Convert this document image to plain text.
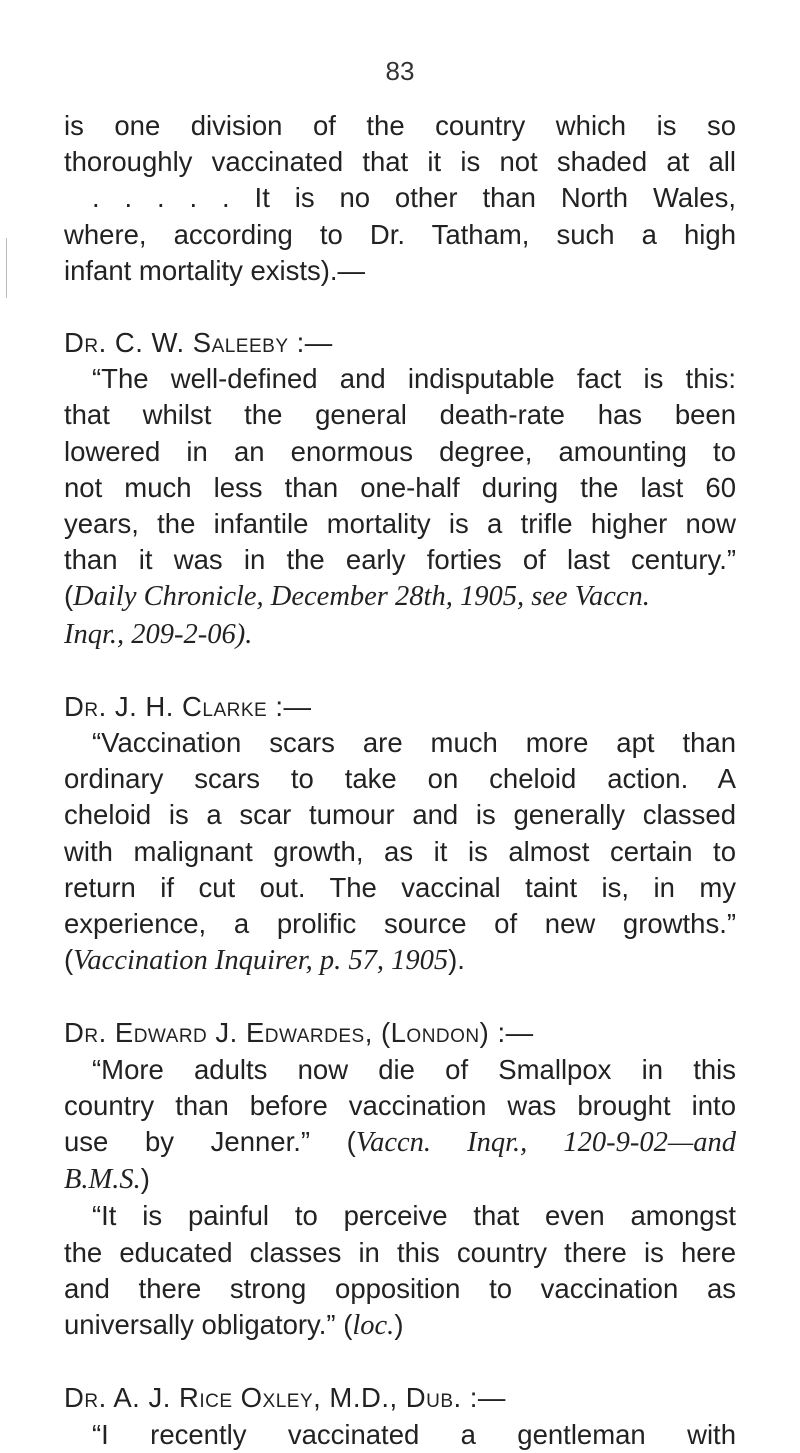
83
is one division of the country which is so
thoroughly vaccinated that it is not shaded at all
. . . . . It is no other than North Wales,
where, according to Dr. Tatham, such a high
infant mortality exists).—
Dr. C. W. Saleeby :—
“The well-defined and indisputable fact is this:
that whilst the general death-rate has been
lowered in an enormous degree, amounting to
not much less than one-half during the last 60
years, the infantile mortality is a trifle higher now
than it was in the early forties of last century.”
(Daily Chronicle, December 28th, 1905, see Vaccn.
Inqr., 209-2-06).
Dr. J. H. Clarke :—
“Vaccination scars are much more apt than
ordinary scars to take on cheloid action. A
cheloid is a scar tumour and is generally classed
with malignant growth, as it is almost certain to
return if cut out. The vaccinal taint is, in my
experience, a prolific source of new growths.”
(Vaccination Inquirer, p. 57, 1905).
Dr. Edward J. Edwardes, (London) :—
“More adults now die of Smallpox in this
country than before vaccination was brought into
use by Jenner.” (Vaccn. Inqr., 120-9-02—and
B.M.S.)
“It is painful to perceive that even amongst
the educated classes in this country there is here
and there strong opposition to vaccination as
universally obligatory.” (loc.)
Dr. A. J. Rice Oxley, M.D., Dub. :—
“I recently vaccinated a gentleman with
